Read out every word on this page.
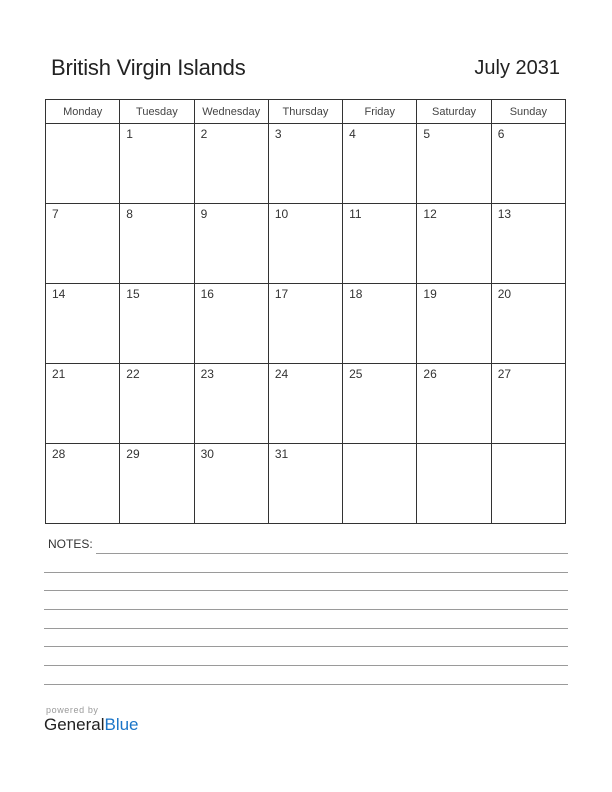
British Virgin Islands	July 2031
Monday	Tuesday	Wednesday	Thursday	Friday	Saturday	Sunday
	1	2	3	4	5	6
7	8	9	10	11	12	13
14	15	16	17	18	19	20
21	22	23	24	25	26	27
28	29	30	31			
NOTES:
powered by
GeneralBlue
